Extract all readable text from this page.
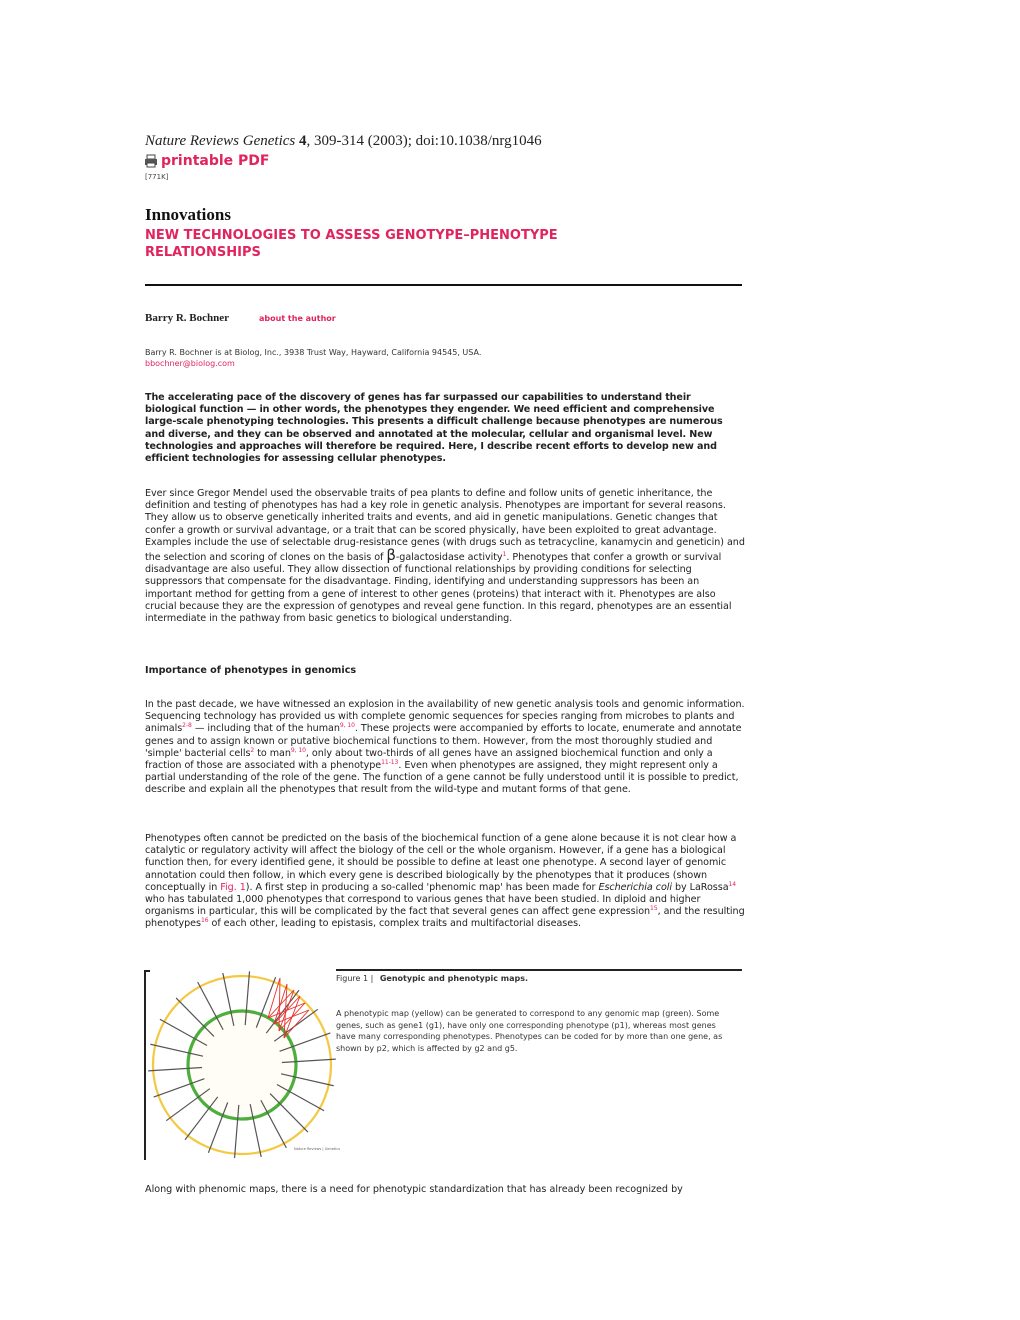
Nature Reviews Genetics 4, 309-314 (2003); doi:10.1038/nrg1046
printable PDF
[771K]
Innovations
NEW TECHNOLOGIES TO ASSESS GENOTYPE–PHENOTYPE RELATIONSHIPS
Barry R. Bochner	about the author
Barry R. Bochner is at Biolog, Inc., 3938 Trust Way, Hayward, California 94545, USA.
bbochner@biolog.com

The accelerating pace of the discovery of genes has far surpassed our capabilities to understand their biological function — in other words, the phenotypes they engender. We need efficient and comprehensive large-scale phenotyping technologies. This presents a difficult challenge because phenotypes are numerous and diverse, and they can be observed and annotated at the molecular, cellular and organismal level. New technologies and approaches will therefore be required. Here, I describe recent efforts to develop new and efficient technologies for assessing cellular phenotypes.

Ever since Gregor Mendel used the observable traits of pea plants to define and follow units of genetic inheritance, the definition and testing of phenotypes has had a key role in genetic analysis. Phenotypes are important for several reasons. They allow us to observe genetically inherited traits and events, and aid in genetic manipulations. Genetic changes that confer a growth or survival advantage, or a trait that can be scored physically, have been exploited to great advantage. Examples include the use of selectable drug-resistance genes (with drugs such as tetracycline, kanamycin and geneticin) and the selection and scoring of clones on the basis of β-galactosidase activity$^1$. Phenotypes that confer a growth or survival disadvantage are also useful. They allow dissection of functional relationships by providing conditions for selecting suppressors that compensate for the disadvantage. Finding, identifying and understanding suppressors has been an important method for getting from a gene of interest to other genes (proteins) that interact with it. Phenotypes are also crucial because they are the expression of genotypes and reveal gene function. In this regard, phenotypes are an essential intermediate in the pathway from basic genetics to biological understanding.

Importance of phenotypes in genomics

In the past decade, we have witnessed an explosion in the availability of new genetic analysis tools and genomic information. Sequencing technology has provided us with complete genomic sequences for species ranging from microbes to plants and animals$^{2-8}$ — including that of the human$^{9, 10}$. These projects were accompanied by efforts to locate, enumerate and annotate genes and to assign known or putative biochemical functions to them. However, from the most thoroughly studied and 'simple' bacterial cells$^2$ to man$^{9, 10}$, only about two-thirds of all genes have an assigned biochemical function and only a fraction of those are associated with a phenotype$^{11-13}$. Even when phenotypes are assigned, they might represent only a partial understanding of the role of the gene. The function of a gene cannot be fully understood until it is possible to predict, describe and explain all the phenotypes that result from the wild-type and mutant forms of that gene.

Phenotypes often cannot be predicted on the basis of the biochemical function of a gene alone because it is not clear how a catalytic or regulatory activity will affect the biology of the cell or the whole organism. However, if a gene has a biological function then, for every identified gene, it should be possible to define at least one phenotype. A second layer of genomic annotation could then follow, in which every gene is described biologically by the phenotypes that it produces (shown conceptually in Fig. 1). A first step in producing a so-called 'phenomic map' has been made for Escherichia coli by LaRossa$^{14}$ who has tabulated 1,000 phenotypes that correspond to various genes that have been studied. In diploid and higher organisms in particular, this will be complicated by the fact that several genes can affect gene expression$^{15}$, and the resulting phenotypes$^{16}$ of each other, leading to epistasis, complex traits and multifactorial diseases.

Nature Reviews | Genetics
Figure 1 | Genotypic and phenotypic maps.

A phenotypic map (yellow) can be generated to correspond to any genomic map (green). Some genes, such as gene1 (g1), have only one corresponding phenotype (p1), whereas most genes have many corresponding phenotypes. Phenotypes can be coded for by more than one gene, as shown by p2, which is affected by g2 and g5.

Along with phenomic maps, there is a need for phenotypic standardization that has already been recognized by
